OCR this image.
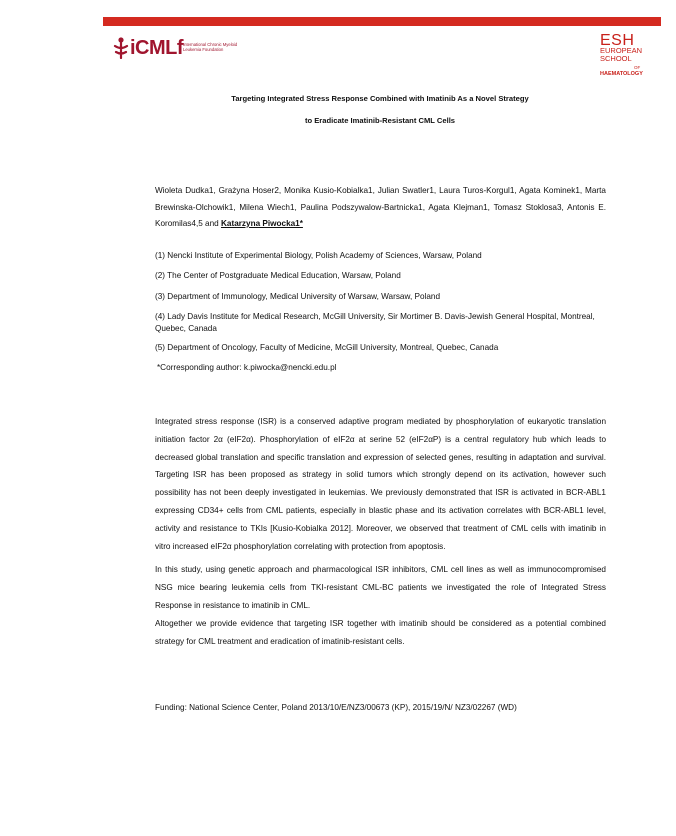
iCMLf International Chronic Myeloid Leukemia Foundation
ESH
EUROPEAN
SCHOOL
OF
HAEMATOLOGY
Targeting Integrated Stress Response Combined with Imatinib As a Novel Strategy
to Eradicate Imatinib-Resistant CML Cells
Wioleta Dudka1, Grażyna Hoser2, Monika Kusio-Kobialka1, Julian Swatler1, Laura Turos-Korgul1, Agata Kominek1, Marta Brewinska-Olchowik1, Milena Wiech1, Paulina Podszywalow-Bartnicka1, Agata Klejman1, Tomasz Stoklosa3, Antonis E. Koromilas4,5 and Katarzyna Piwocka1*
(1) Nencki Institute of Experimental Biology, Polish Academy of Sciences, Warsaw, Poland
(2) The Center of Postgraduate Medical Education, Warsaw, Poland
(3) Department of Immunology, Medical University of Warsaw, Warsaw, Poland
(4) Lady Davis Institute for Medical Research, McGill University, Sir Mortimer B. Davis-Jewish General Hospital, Montreal, Quebec, Canada
(5) Department of Oncology, Faculty of Medicine, McGill University, Montreal, Quebec, Canada
*Corresponding author: k.piwocka@nencki.edu.pl
Integrated stress response (ISR) is a conserved adaptive program mediated by phosphorylation of eukaryotic translation initiation factor 2α (eIF2α). Phosphorylation of eIF2α at serine 52 (eIF2αP) is a central regulatory hub which leads to decreased global translation and specific translation and expression of selected genes, resulting in adaptation and survival. Targeting ISR has been proposed as strategy in solid tumors which strongly depend on its activation, however such possibility has not been deeply investigated in leukemias. We previously demonstrated that ISR is activated in BCR-ABL1 expressing CD34+ cells from CML patients, especially in blastic phase and its activation correlates with BCR-ABL1 level, activity and resistance to TKIs [Kusio-Kobialka 2012]. Moreover, we observed that treatment of CML cells with imatinib in vitro increased eIF2α phosphorylation correlating with protection from apoptosis.
In this study, using genetic approach and pharmacological ISR inhibitors, CML cell lines as well as immunocompromised NSG mice bearing leukemia cells from TKI-resistant CML-BC patients we investigated the role of Integrated Stress Response in resistance to imatinib in CML.
Altogether we provide evidence that targeting ISR together with imatinib should be considered as a potential combined strategy for CML treatment and eradication of imatinib-resistant cells.
Funding: National Science Center, Poland 2013/10/E/NZ3/00673 (KP), 2015/19/N/ NZ3/02267 (WD)
